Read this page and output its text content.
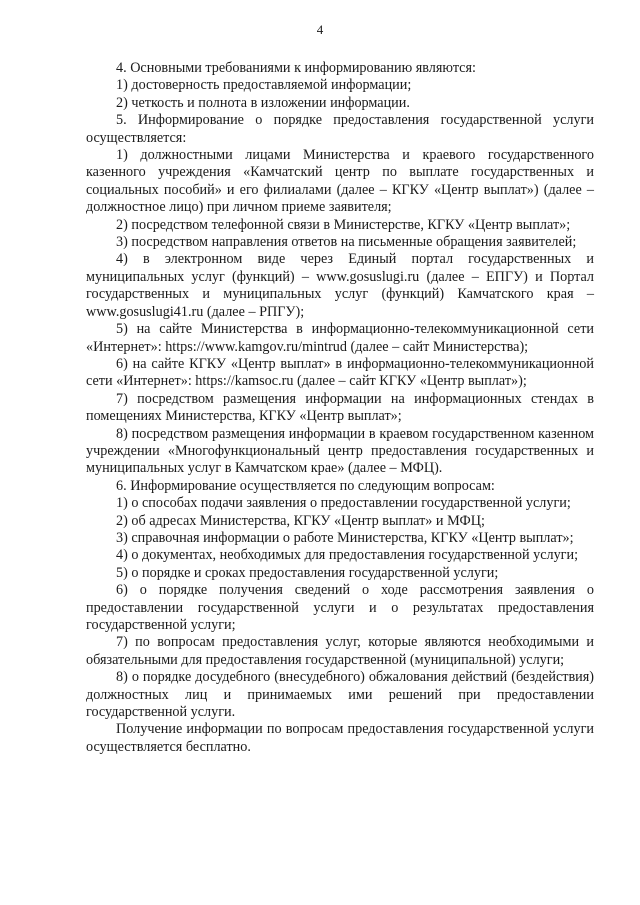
4

4. Основными требованиями к информированию являются:

1) достоверность предоставляемой информации;

2) четкость и полнота в изложении информации.

5. Информирование о порядке предоставления государственной услуги осуществляется:

1) должностными лицами Министерства и краевого государственного казенного учреждения «Камчатский центр по выплате государственных и социальных пособий» и его филиалами (далее – КГКУ «Центр выплат») (далее – должностное лицо) при личном приеме заявителя;

2) посредством телефонной связи в Министерстве, КГКУ «Центр выплат»;

3) посредством направления ответов на письменные обращения заявителей;

4) в электронном виде через Единый портал государственных и муниципальных услуг (функций) – www.gosuslugi.ru (далее – ЕПГУ) и Портал государственных и муниципальных услуг (функций) Камчатского края – www.gosuslugi41.ru (далее – РПГУ);

5) на сайте Министерства в информационно-телекоммуникационной сети «Интернет»: https://www.kamgov.ru/mintrud (далее – сайт Министерства);

6) на сайте КГКУ «Центр выплат» в информационно-телекоммуникационной сети «Интернет»: https://kamsoc.ru (далее – сайт КГКУ «Центр выплат»);

7) посредством размещения информации на информационных стендах в помещениях Министерства, КГКУ «Центр выплат»;

8) посредством размещения информации в краевом государственном казенном учреждении «Многофункциональный центр предоставления государственных и муниципальных услуг в Камчатском крае» (далее – МФЦ).

6. Информирование осуществляется по следующим вопросам:

1) о способах подачи заявления о предоставлении государственной услуги;

2) об адресах Министерства, КГКУ «Центр выплат» и МФЦ;

3) справочная информации о работе Министерства, КГКУ «Центр выплат»;

4) о документах, необходимых для предоставления государственной услуги;

5) о порядке и сроках предоставления государственной услуги;

6) о порядке получения сведений о ходе рассмотрения заявления о предоставлении государственной услуги и о результатах предоставления государственной услуги;

7) по вопросам предоставления услуг, которые являются необходимыми и обязательными для предоставления государственной (муниципальной) услуги;

8) о порядке досудебного (внесудебного) обжалования действий (бездействия) должностных лиц и принимаемых ими решений при предоставлении государственной услуги.

Получение информации по вопросам предоставления государственной услуги осуществляется бесплатно.
